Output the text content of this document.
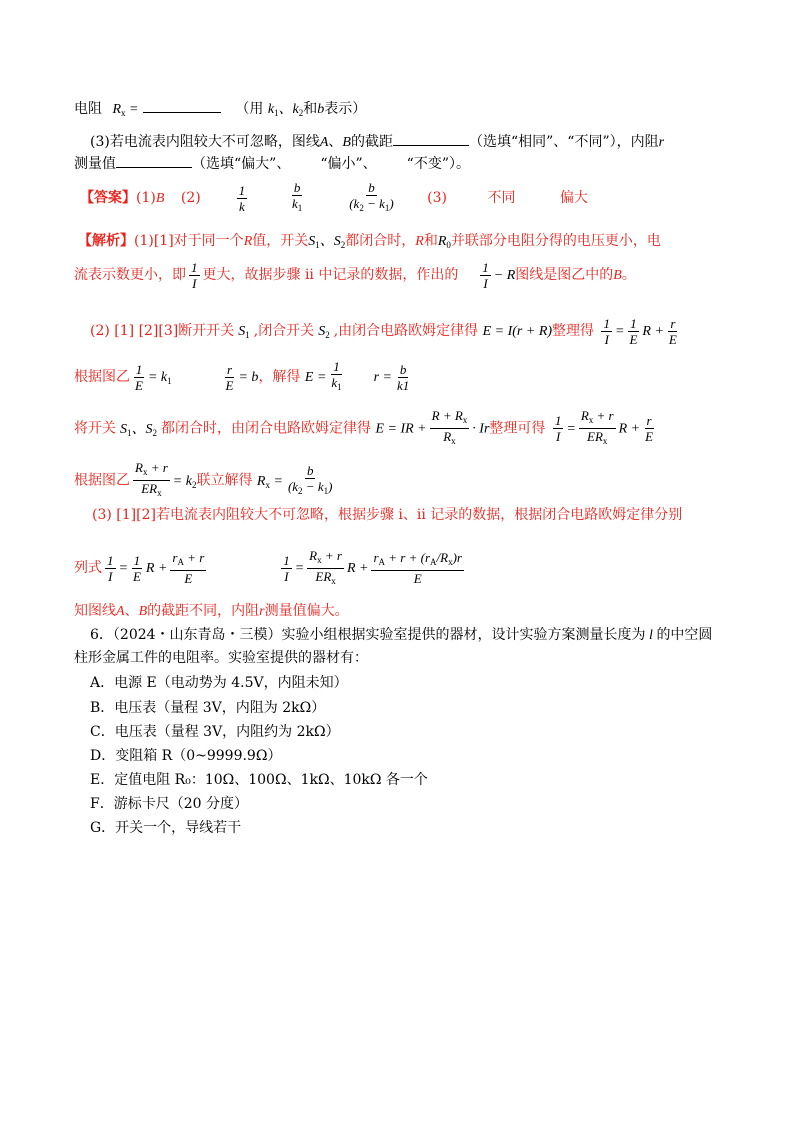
电阻 $R_x$ =	（用 $k_1$、$k_2$和b表示）
(3)若电流表内阻较大不可忽略，图线A、B的截距	（选填“相同”、“不同”），内阻r
测量值	（选填“偏大”、 “偏小”、 “不变”）。
【答案】(1)B (2)	$\frac{1}{k}$
	$\frac{b}{k_1}$
	$\frac{b}{(k_2 - k_1)} (3)$	不同	偏大
【解析】(1)[1]对于同一个R值，开关$S_1$、$S_2$都闭合时，R和$R_0$并联部分电阻分得的电压更小，电
流表示数更小，即 $\frac{1}{I}$ 更大，故据步骤 ii 中记录的数据，作出的 $\frac{1}{I} - R$图线是图乙中的B。
(2) [1] [2][3]断开开关 $S_1$ ,闭合开关 $S_2$ ,由闭合电路欧姆定律得 E = I(r + R)整理得 $\frac{1}{I} = \frac{1}{E}$ $R + \frac{r}{E}$
根据图乙 $\frac{1}{E} = k_1$	$\frac{r}{E} = b$，解得 $E = \frac{1}{k_1}$ $r = \frac{b}{k1}$
将开关 $S_1$、$S_2$ 都闭合时，由闭合电路欧姆定律得 E = IR + $\frac{R + R_x}{R_x} \cdot Ir$整理可得 $\frac{1}{I} = \frac{R_x + r}{ER_x}$ $R + \frac{r}{E}$
根据图乙 $\frac{R_x + r}{ER_x} = k_2$联立解得 $R_x = \frac{b}{(k_2 - k_1)}$
(3) [1][2]若电流表内阻较大不可忽略，根据步骤 i、ii 记录的数据，根据闭合电路欧姆定律分别
列式 $\frac{1}{I} = \frac{1}{E}$ $R + \frac{r_A + r}{E}$
	$\frac{1}{I} = \frac{R_x + r}{ER_x}$ $R + \frac{r_A + r + (r_A/R_x)r}{E}$
知图线A、B的截距不同，内阻r测量值偏大。
6．（2024・山东青岛・三模）实验小组根据实验室提供的器材，设计实验方案测量长度为 l 的中空圆
柱形金属工件的电阻率。实验室提供的器材有：
A．电源 E（电动势为 4.5V，内阻未知）
B．电压表（量程 3V，内阻为 2kΩ）
C．电压表（量程 3V，内阻约为 2kΩ）
D．变阻箱 R（0~9999.9Ω）
E．定值电阻 R₀：10Ω、100Ω、1kΩ、10kΩ 各一个
F．游标卡尺（20 分度）
G．开关一个，导线若干
